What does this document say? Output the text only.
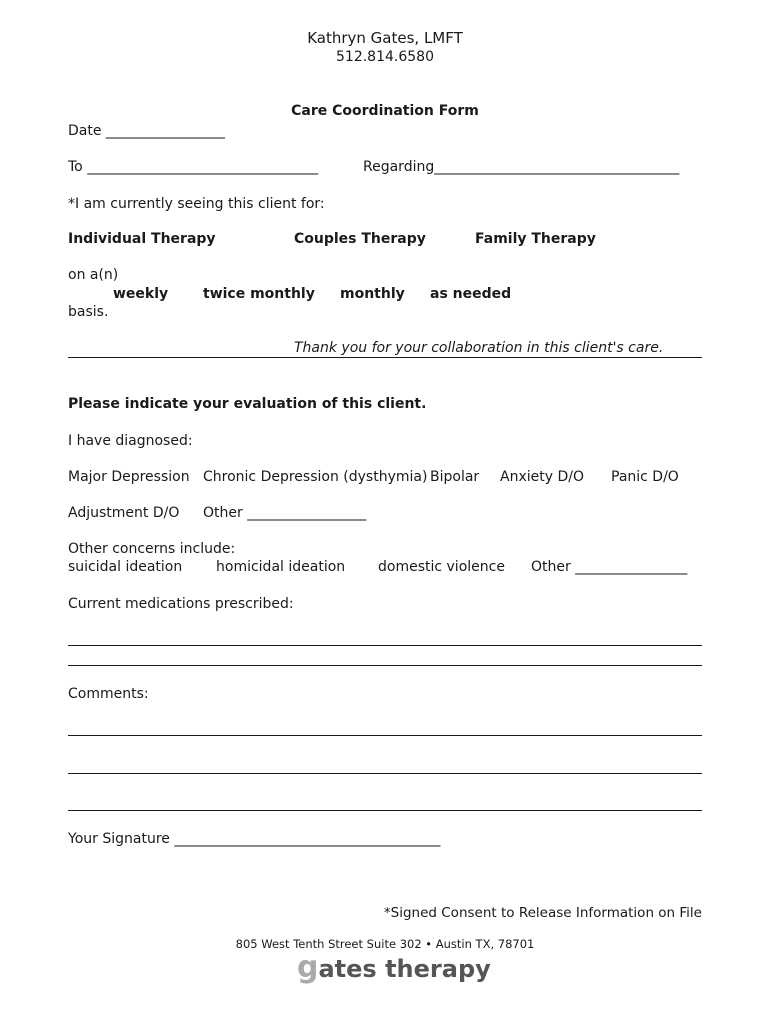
Kathryn Gates, LMFT
512.814.6580
Care Coordination Form
Date _________________
To _________________________________	Regarding___________________________________
*I am currently seeing this client for:
Individual Therapy	Couples Therapy	Family Therapy
on a(n)
weekly twice monthly monthly as needed
basis.
Thank you for your collaboration in this client's care.
Please indicate your evaluation of this client.
I have diagnosed:
Major Depression Chronic Depression (dysthymia) Bipolar Anxiety D/O Panic D/O
Adjustment D/O Other _________________
Other concerns include:
suicidal ideation homicidal ideation domestic violence Other ________________
Current medications prescribed:
Comments:
Your Signature ______________________________________
*Signed Consent to Release Information on File
805 West Tenth Street Suite 302 • Austin TX, 78701
gates therapy
